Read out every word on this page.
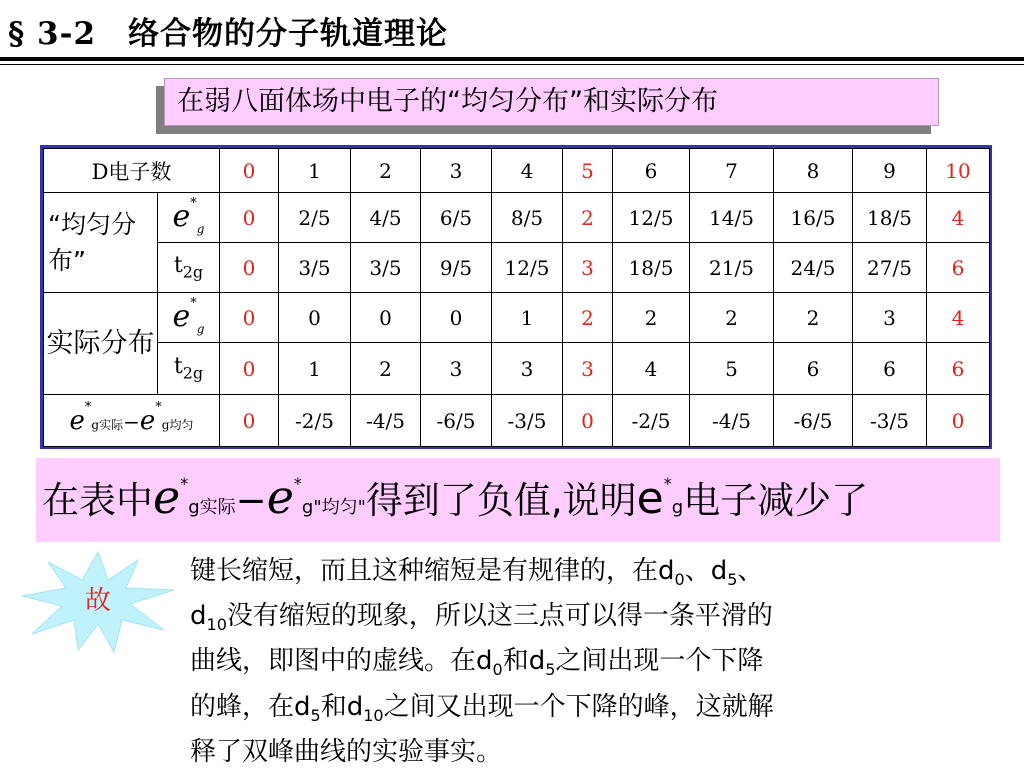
§ 3-2　络合物的分子轨道理论
在弱八面体场中电子的“均匀分布”和实际分布
D电子数		0	1	2	3	4	5	6	7	8	9	10
“均匀分布”	$e^*_g$	0	2/5	4/5	6/5	8/5	2	12/5	14/5	16/5	18/5	4
	$t_{2g}$	0	3/5	3/5	9/5	12/5	3	18/5	21/5	24/5	27/5	6
实际分布	$e^*_g$	0	0	0	0	1	2	2	2	2	3	4
	$t_{2g}$	0	1	2	3	3	3	4	5	6	6	6
e*g实际−e*g均匀		0	-2/5	-4/5	-6/5	-3/5	0	-2/5	-4/5	-6/5	-3/5	0
在表中e*g实际−e*g"均匀"得到了负值,说明e*g电子减少了
故
键长缩短，而且这种缩短是有规律的，在$d_0$、$d_5$、
$d_{10}$没有缩短的现象，所以这三点可以得一条平滑的
曲线，即图中的虚线。在$d_0$和$d_5$之间出现一个下降
的蜂，在$d_5$和$d_{10}$之间又出现一个下降的峰，这就解
释了双峰曲线的实验事实。
